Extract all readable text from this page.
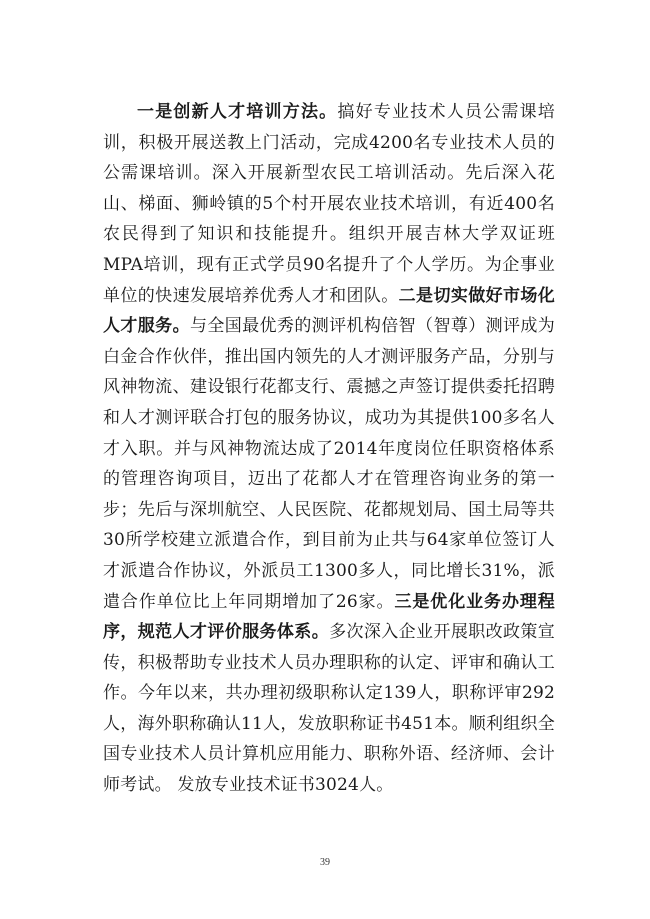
一是创新人才培训方法。搞好专业技术人员公需课培训，积极开展送教上门活动，完成4200名专业技术人员的公需课培训。深入开展新型农民工培训活动。先后深入花山、梯面、狮岭镇的5个村开展农业技术培训，有近400名农民得到了知识和技能提升。组织开展吉林大学双证班MPA培训，现有正式学员90名提升了个人学历。为企事业单位的快速发展培养优秀人才和团队。二是切实做好市场化人才服务。与全国最优秀的测评机构倍智（智尊）测评成为白金合作伙伴，推出国内领先的人才测评服务产品，分别与风神物流、建设银行花都支行、震撼之声签订提供委托招聘和人才测评联合打包的服务协议，成功为其提供100多名人才入职。并与风神物流达成了2014年度岗位任职资格体系的管理咨询项目，迈出了花都人才在管理咨询业务的第一步；先后与深圳航空、人民医院、花都规划局、国土局等共30所学校建立派遣合作，到目前为止共与64家单位签订人才派遣合作协议，外派员工1300多人，同比增长31%，派遣合作单位比上年同期增加了26家。三是优化业务办理程序，规范人才评价服务体系。多次深入企业开展职改政策宣传，积极帮助专业技术人员办理职称的认定、评审和确认工作。今年以来，共办理初级职称认定139人，职称评审292人，海外职称确认11人，发放职称证书451本。顺利组织全国专业技术人员计算机应用能力、职称外语、经济师、会计师考试。 发放专业技术证书3024人。

39
